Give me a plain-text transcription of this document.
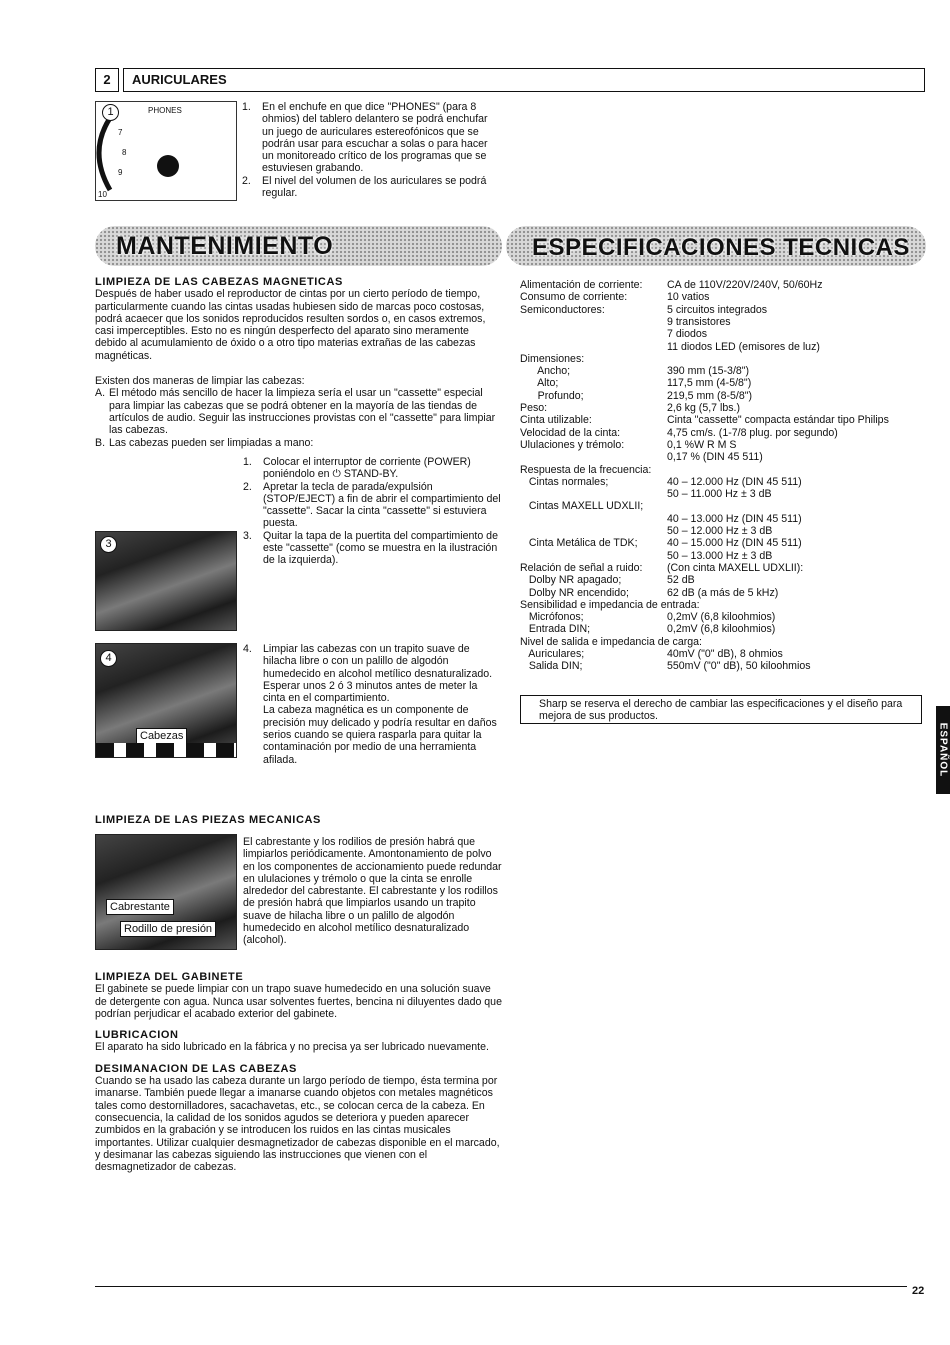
2	AURICULARES
1	PHONES
7
8
9
10
1. En el enchufe en que dice "PHONES" (para 8 ohmios) del tablero delantero se podrá enchufar un juego de auriculares estereofónicos que se podrán usar para escuchar a solas o para hacer un monitoreado crítico de los programas que se estuviesen grabando.
2. El nivel del volumen de los auriculares se podrá regular.
MANTENIMIENTO	ESPECIFICACIONES TECNICAS
LIMPIEZA DE LAS CABEZAS MAGNETICAS
Después de haber usado el reproductor de cintas por un cierto período de tiempo, particularmente cuando las cintas usadas hubiesen sido de marcas poco costosas, podrá acaecer que los sonidos reproducidos resulten sordos o, en casos extremos, casi imperceptibles. Esto no es ningún desperfecto del aparato sino meramente debido al acumulamiento de óxido o a otro tipo materias extrañas de las cabezas magnéticas.
Existen dos maneras de limpiar las cabezas:
A. El método más sencillo de hacer la limpieza sería el usar un "cassette" especial para limpiar las cabezas que se podrá obtener en la mayoría de las tiendas de artículos de audio. Seguir las instrucciones provistas con el "cassette" para limpiar las cabezas.
B. Las cabezas pueden ser limpiadas a mano:
1. Colocar el interruptor de corriente (POWER) poniéndolo en ⏻ STAND-BY.
2. Apretar la tecla de parada/expulsión (STOP/EJECT) a fin de abrir el compartimiento del "cassette". Sacar la cinta "cassette" si estuviera puesta.
3. Quitar la tapa de la puertita del compartimiento de este "cassette" (como se muestra en la ilustración de la izquierda).
3
4
Cabezas
4. Limpiar las cabezas con un trapito suave de hilacha libre o con un palillo de algodón humedecido en alcohol metílico desnaturalizado.
Esperar unos 2 ó 3 minutos antes de meter la cinta en el compartimiento.
La cabeza magnética es un componente de precisión muy delicado y podría resultar en daños serios cuando se quiera rasparla para quitar la contaminación por medio de una herramienta afilada.
LIMPIEZA DE LAS PIEZAS MECANICAS
Cabrestante
Rodillo de presión
El cabrestante y los rodilios de presión habrá que limpiarlos periódicamente. Amontonamiento de polvo en los componentes de accionamiento puede redundar en ululaciones y trémolo o que la cinta se enrolle alrededor del cabrestante. El cabrestante y los rodillos de presión habrá que limpiarlos usando un trapito suave de hilacha libre o un palillo de algodón humedecido en alcohol metílico desnaturalizado (alcohol).
LIMPIEZA DEL GABINETE
El gabinete se puede limpiar con un trapo suave humedecido en una solución suave de detergente con agua. Nunca usar solventes fuertes, bencina ni diluyentes dado que podrían perjudicar el acabado exterior del gabinete.
LUBRICACION
El aparato ha sido lubricado en la fábrica y no precisa ya ser lubricado nuevamente.
DESIMANACION DE LAS CABEZAS
Cuando se ha usado las cabeza durante un largo período de tiempo, ésta termina por imanarse. También puede llegar a imanarse cuando objetos con metales magnéticos tales como destornilladores, sacachavetas, etc., se colocan cerca de la cabeza. En consecuencia, la calidad de los sonidos agudos se deteriora y pueden aparecer zumbidos en la grabación y se introducen los ruidos en las cintas musicales importantes. Utilizar cualquier desmagnetizador de cabezas disponible en el marcado, y desimanar las cabezas siguiendo las instrucciones que vienen con el desmagnetizador de cabezas.
Alimentación de corriente: CA de 110V/220V/240V, 50/60Hz
Consumo de corriente:	10 vatios
Semiconductores:	5 circuitos integrados
9 transistores
7 diodos
11 diodos LED (emisores de luz)
Dimensiones:
Ancho;	390 mm (15-3/8")
Alto;	117,5 mm (4-5/8")
Profundo;	219,5 mm (8-5/8")
Peso:	2,6 kg (5,7 lbs.)
Cinta utilizable:	Cinta "cassette" compacta estándar tipo Philips
Velocidad de la cinta:	4,75 cm/s. (1-7/8 plug. por segundo)
Ululaciones y trémolo:	0,1 %W R M S
0,17 % (DIN 45 511)
Respuesta de la frecuencia:
Cintas normales;	40 – 12.000 Hz (DIN 45 511)
50 – 11.000 Hz ± 3 dB
Cintas MAXELL UDXLII;
40 – 13.000 Hz (DIN 45 511)
50 – 12.000 Hz ± 3 dB
Cinta Metálica de TDK;	40 – 15.000 Hz (DIN 45 511)
50 – 13.000 Hz ± 3 dB
Relación de señal a ruido: (Con cinta MAXELL UDXLII):
Dolby NR apagado;	52 dB
Dolby NR encendido;	62 dB (a más de 5 kHz)
Sensibilidad e impedancia de entrada:
Micrófonos;	0,2mV (6,8 kiloohmios)
Entrada DIN;	0,2mV (6,8 kiloohmios)
Nivel de salida e impedancia de carga:
Auriculares;	40mV ("0" dB), 8 ohmios
Salida DIN;	550mV ("0" dB), 50 kiloohmios
Sharp se reserva el derecho de cambiar las especificaciones y el diseño para mejora de sus productos.
ESPAÑOL
22
